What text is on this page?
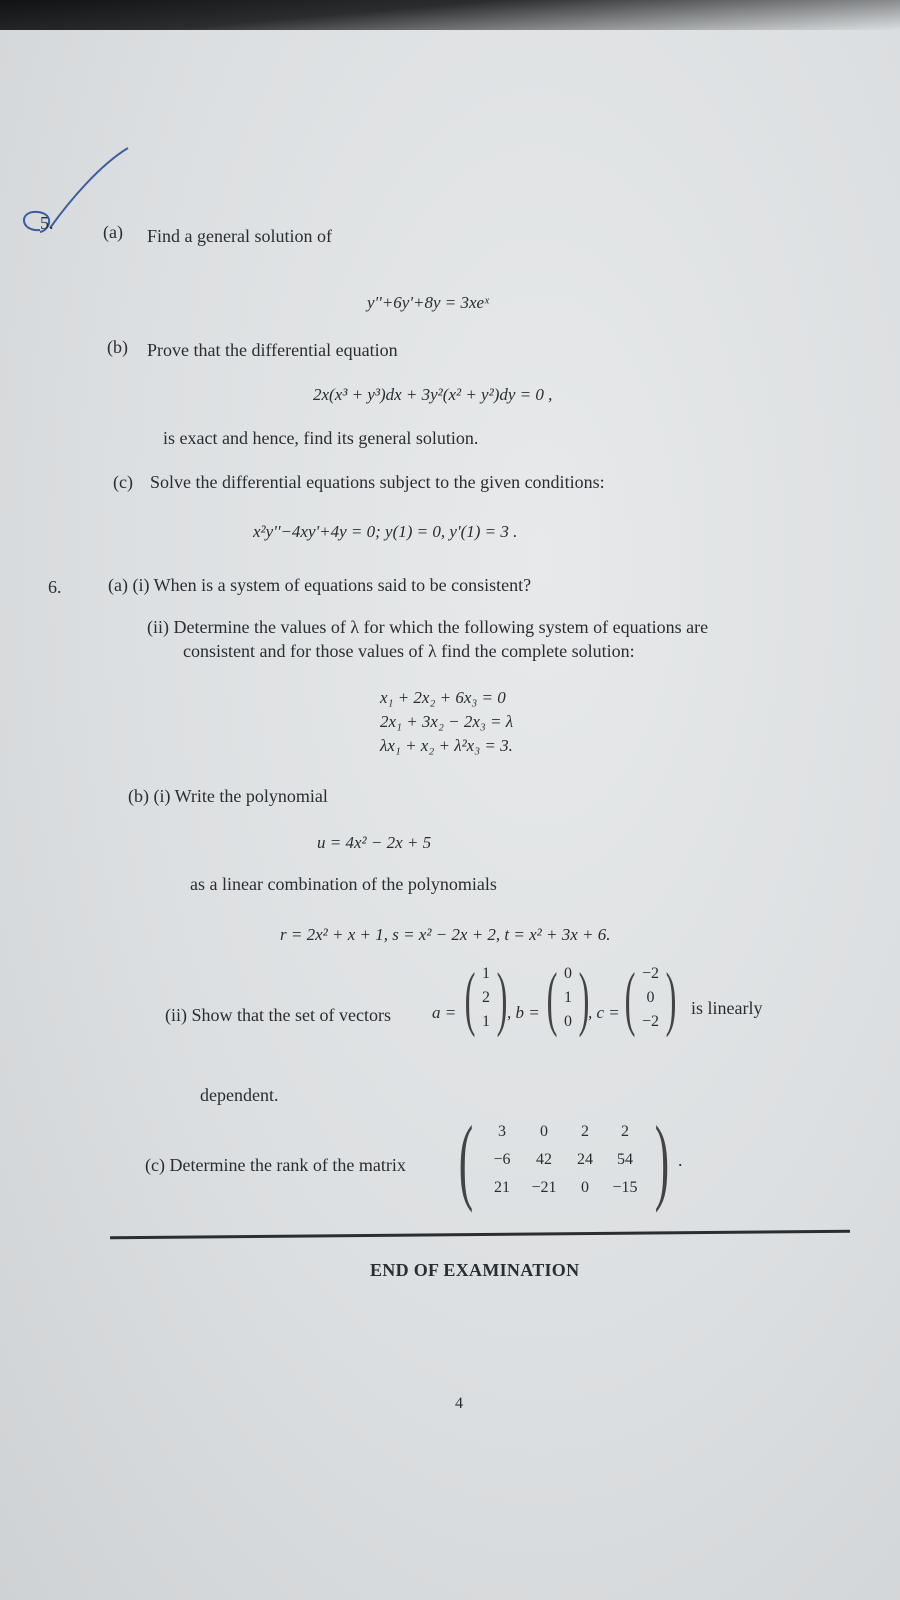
5.	(a) Find a general solution of
y''+6y'+8y = 3xeˣ
(b) Prove that the differential equation
2x(x³ + y³)dx + 3y²(x² + y²)dy = 0 ,
is exact and hence, find its general solution.
(c) Solve the differential equations subject to the given conditions:
x²y''−4xy'+4y = 0; y(1) = 0, y'(1) = 3 .
6.	(a) (i) When is a system of equations said to be consistent?
(ii) Determine the values of λ for which the following system of equations are
consistent and for those values of λ find the complete solution:
x₁ + 2x₂ + 6x₃ = 0
2x₁ + 3x₂ − 2x₃ = λ
λx₁ + x₂ + λ²x₃ = 3.
(b) (i) Write the polynomial
u = 4x² − 2x + 5
as a linear combination of the polynomials
r = 2x² + x + 1, s = x² − 2x + 2, t = x² + 3x + 6.
(ii) Show that the set of vectors a = ( 1
2
1 ) , b = ( 0
1
0 )
, c = ( −2
0
−2 ) is linearly
dependent.
(c) Determine the rank of the matrix (	3	0	2	2
−6	42	24	54
21	−21	0	−15 ) .
END OF EXAMINATION
4
